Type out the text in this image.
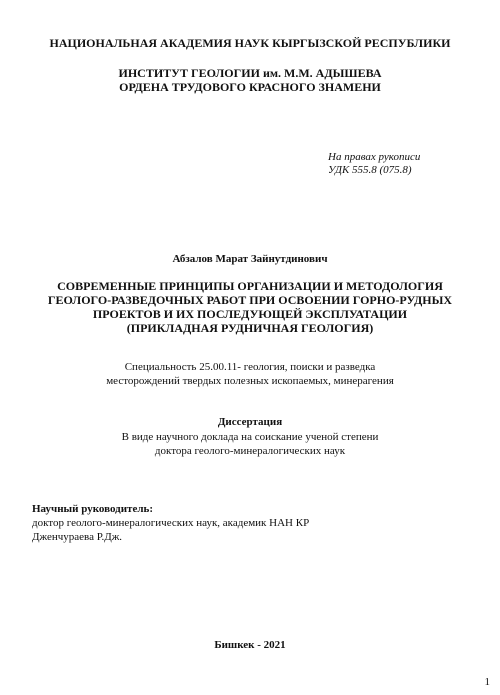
НАЦИОНАЛЬНАЯ АКАДЕМИЯ НАУК КЫРГЫЗСКОЙ РЕСПУБЛИКИ
ИНСТИТУТ ГЕОЛОГИИ им. М.М. АДЫШЕВА
ОРДЕНА ТРУДОВОГО КРАСНОГО ЗНАМЕНИ
На правах рукописи
УДК 555.8 (075.8)
Абзалов Марат Зайнутдинович
СОВРЕМЕННЫЕ ПРИНЦИПЫ ОРГАНИЗАЦИИ И МЕТОДОЛОГИЯ
ГЕОЛОГО-РАЗВЕДОЧНЫХ РАБОТ ПРИ ОСВОЕНИИ ГОРНО-РУДНЫХ
ПРОЕКТОВ И ИХ ПОСЛЕДУЮЩЕЙ ЭКСПЛУАТАЦИИ
(ПРИКЛАДНАЯ РУДНИЧНАЯ ГЕОЛОГИЯ)
Специальность 25.00.11- геология, поиски и разведка
месторождений твердых полезных ископаемых, минерагения
Диссертация
В виде научного доклада на соискание ученой степени
доктора геолого-минералогических наук
Научный руководитель:
доктор геолого-минералогических наук, академик НАН КР
Дженчураева Р.Дж.
Бишкек - 2021
1
